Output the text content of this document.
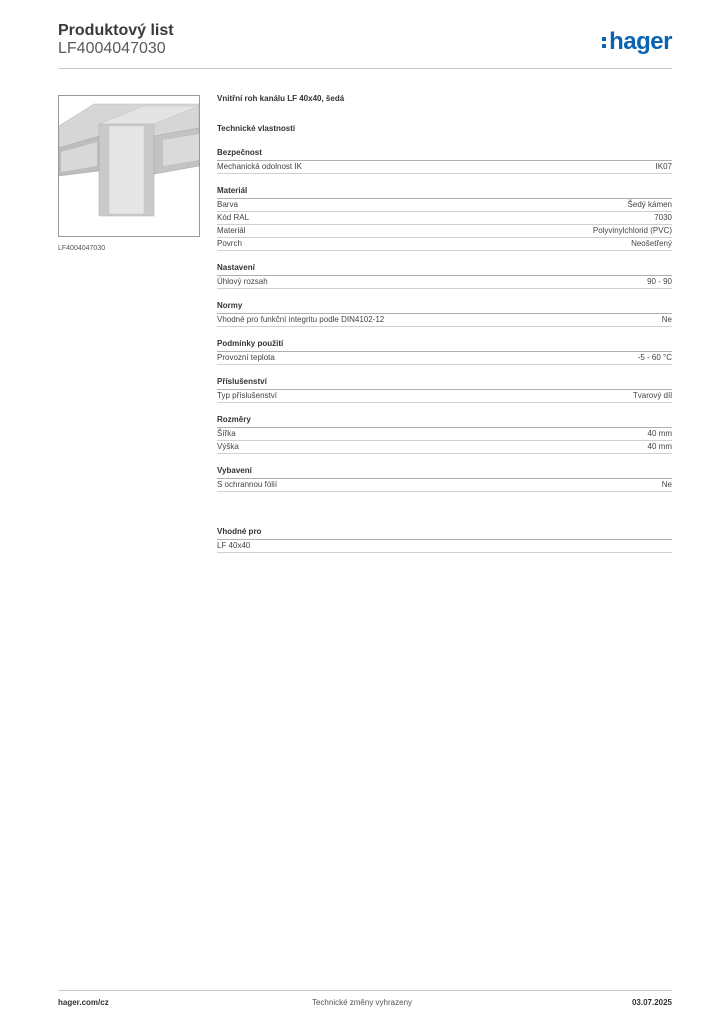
Produktový list
LF4004047030	hager
LF4004047030
Vnitřní roh kanálu LF 40x40, šedá
Technické vlastnosti
Bezpečnost
Mechanická odolnost IK	IK07
Materiál
Barva	Šedý kámen
Kód RAL	7030
Materiál	Polyvinylchlorid (PVC)
Povrch	Neošetřený
Nastavení
Úhlový rozsah	90 - 90
Normy
Vhodné pro funkční integritu podle DIN4102-12	Ne
Podmínky použití
Provozní teplota	-5 - 60 °C
Příslušenství
Typ příslušenství	Tvarový díl
Rozměry
Šířka	40 mm
Výška	40 mm
Vybavení
S ochrannou fólií	Ne
Vhodné pro
LF 40x40
hager.com/cz	Technické změny vyhrazeny	03.07.2025
